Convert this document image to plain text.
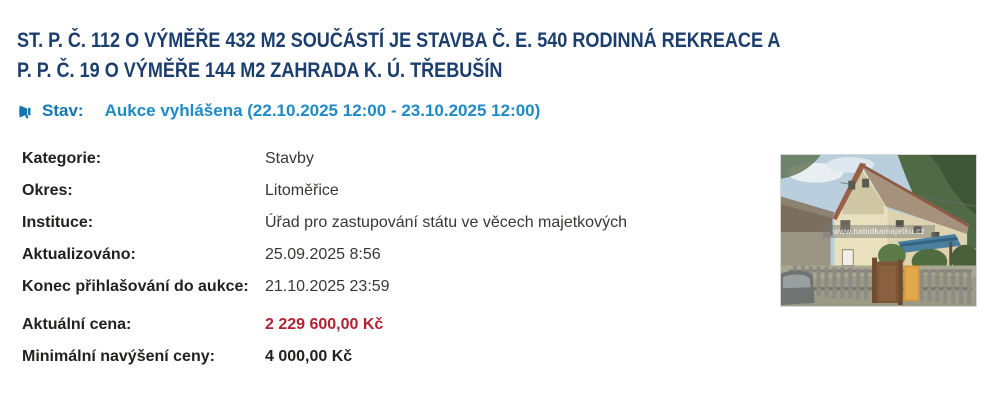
ST. P. Č. 112 O VÝMĚŘE 432 M2 SOUČÁSTÍ JE STAVBA Č. E. 540 RODINNÁ REKREACE A
P. P. Č. 19 O VÝMĚŘE 144 M2 ZAHRADA K. Ú. TŘEBUŠÍN
Stav: Aukce vyhlášena (22.10.2025 12:00 - 23.10.2025 12:00)
Kategorie:	Stavby
Okres:	Litoměřice
Instituce:	Úřad pro zastupování státu ve věcech majetkových
Aktualizováno:	25.09.2025 8:56
Konec přihlašování do aukce:	21.10.2025 23:59
Aktuální cena:	2 229 600,00 Kč
Minimální navýšení ceny:	4 000,00 Kč
www.nabidkamajetku.cz
